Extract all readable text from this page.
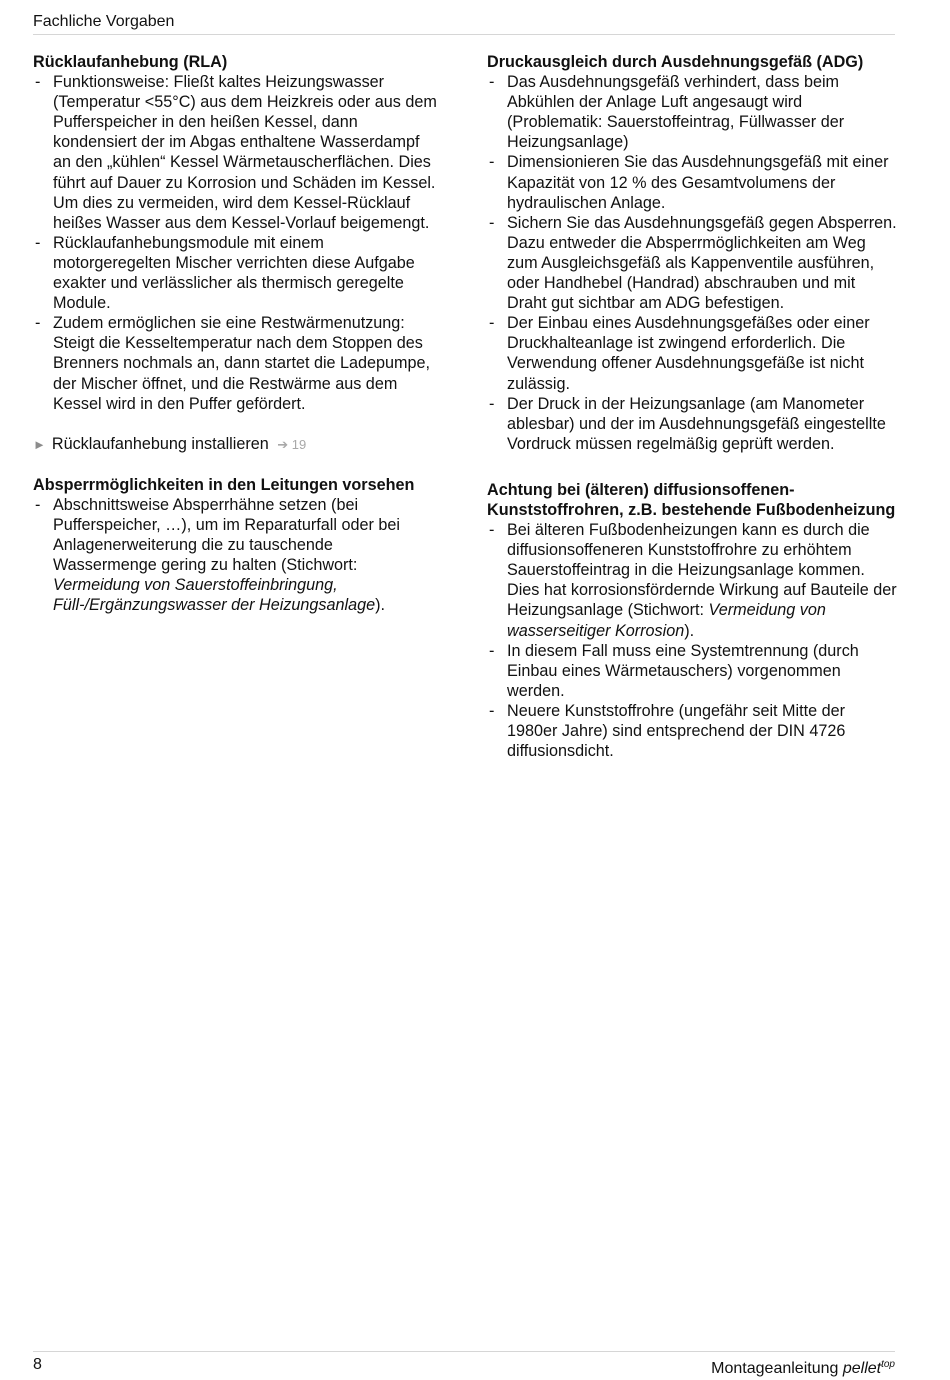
Fachliche Vorgaben
Rücklaufanhebung (RLA)
- Funktionsweise: Fließt kaltes Heizungswasser (Temperatur <55°C) aus dem Heizkreis oder aus dem Pufferspeicher in den heißen Kessel, dann kondensiert der im Abgas enthaltene Wasserdampf an den „kühlen“ Kessel Wärmetauscherflächen. Dies führt auf Dauer zu Korrosion und Schäden im Kessel. Um dies zu vermeiden, wird dem Kessel-Rücklauf heißes Wasser aus dem Kessel-Vorlauf beigemengt.
- Rücklaufanhebungsmodule mit einem motorgeregelten Mischer verrichten diese Aufgabe exakter und verlässlicher als thermisch geregelte Module.
- Zudem ermöglichen sie eine Restwärmenutzung: Steigt die Kesseltemperatur nach dem Stoppen des Brenners nochmals an, dann startet die Ladepumpe, der Mischer öffnet, und die Restwärme aus dem Kessel wird in den Puffer gefördert.
► Rücklaufanhebung installieren ➔ 19
Absperrmöglichkeiten in den Leitungen vorsehen
- Abschnittsweise Absperrhähne setzen (bei Pufferspeicher, …), um im Reparaturfall oder bei Anlagenerweiterung die zu tauschende Wassermenge gering zu halten (Stichwort: Vermeidung von Sauerstoffeinbringung, Füll-/Ergänzungswasser der Heizungsanlage).
Druckausgleich durch Ausdehnungsgefäß (ADG)
- Das Ausdehnungsgefäß verhindert, dass beim Abkühlen der Anlage Luft angesaugt wird (Problematik: Sauerstoffeintrag, Füllwasser der Heizungsanlage)
- Dimensionieren Sie das Ausdehnungsgefäß mit einer Kapazität von 12 % des Gesamtvolumens der hydraulischen Anlage.
- Sichern Sie das Ausdehnungsgefäß gegen Absperren. Dazu entweder die Absperrmöglichkeiten am Weg zum Ausgleichsgefäß als Kappenventile ausführen, oder Handhebel (Handrad) abschrauben und mit Draht gut sichtbar am ADG befestigen.
- Der Einbau eines Ausdehnungsgefäßes oder einer Druckhalteanlage ist zwingend erforderlich. Die Verwendung offener Ausdehnungsgefäße ist nicht zulässig.
- Der Druck in der Heizungsanlage (am Manometer ablesbar) und der im Ausdehnungsgefäß eingestellte Vordruck müssen regelmäßig geprüft werden.
Achtung bei (älteren) diffusionsoffenen-Kunststoffrohren, z.B. bestehende Fußbodenheizung
- Bei älteren Fußbodenheizungen kann es durch die diffusionsoffeneren Kunststoffrohre zu erhöhtem Sauerstoffeintrag in die Heizungsanlage kommen. Dies hat korrosionsfördernde Wirkung auf Bauteile der Heizungsanlage (Stichwort: Vermeidung von wasserseitiger Korrosion).
- In diesem Fall muss eine Systemtrennung (durch Einbau eines Wärmetauschers) vorgenommen werden.
- Neuere Kunststoffrohre (ungefähr seit Mitte der 1980er Jahre) sind entsprechend der DIN 4726 diffusionsdicht.
8	Montageanleitung pellet$^{top}$
